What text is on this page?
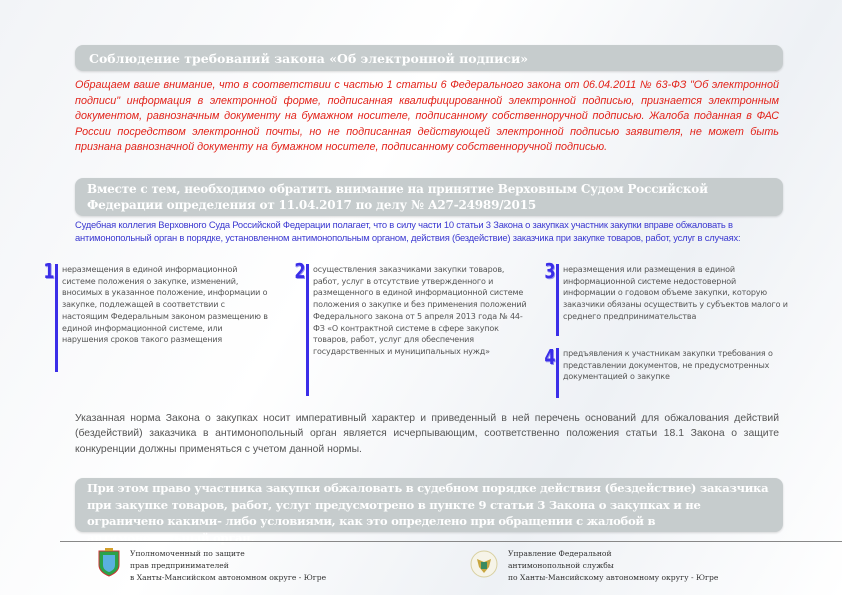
Соблюдение требований закона «Об электронной подписи»
Обращаем ваше внимание, что в соответствии с частью 1 статьи 6 Федерального закона от 06.04.2011 № 63-ФЗ "Об электронной подписи" информация в электронной форме, подписанная квалифицированной электронной подписью, признается электронным документом, равнозначным документу на бумажном носителе, подписанному собственноручной подписью. Жалоба поданная в ФАС России посредством электронной почты, но не подписанная действующей электронной подписью заявителя, не может быть признана равнозначной документу на бумажном носителе, подписанному собственноручной подписью.
Вместе с тем, необходимо обратить внимание на принятие Верховным Судом Российской Федерации определения от 11.04.2017 по делу № А27-24989/2015
Судебная коллегия Верховного Суда Российской Федерации полагает, что в силу части 10 статьи 3 Закона о закупках участник закупки вправе обжаловать в антимонопольный орган в порядке, установленном антимонопольным органом, действия (бездействие) заказчика при закупке товаров, работ, услуг в случаях:
1 неразмещения в единой информационной системе положения о закупке, изменений, вносимых в указанное положение, информации о закупке, подлежащей в соответствии с настоящим Федеральным законом размещению в единой информационной системе, или нарушения сроков такого размещения
2 осуществления заказчиками закупки товаров, работ, услуг в отсутствие утвержденного и размещенного в единой информационной системе положения о закупке и без применения положений Федерального закона от 5 апреля 2013 года № 44-ФЗ «О контрактной системе в сфере закупок товаров, работ, услуг для обеспечения государственных и муниципальных нужд»
3 неразмещения или размещения в единой информационной системе недостоверной информации о годовом объеме закупки, которую заказчики обязаны осуществить у субъектов малого и среднего предпринимательства
4 предъявления к участникам закупки требования о представлении документов, не предусмотренных документацией о закупке
Указанная норма Закона о закупках носит императивный характер и приведенный в ней перечень оснований для обжалования действий (бездействий) заказчика в антимонопольный орган является исчерпывающим, соответственно положения статьи 18.1 Закона о защите конкуренции должны применяться с учетом данной нормы.
При этом право участника закупки обжаловать в судебном порядке действия (бездействие) заказчика при закупке товаров, работ, услуг предусмотрено в пункте 9 статьи 3 Закона о закупках и не ограничено какими- либо условиями, как это определено при обращении с жалобой в антимонопольный орган.
Уполномоченный по защите
прав предпринимателей
в Ханты-Мансийском автономном округе - Югре
Управление Федеральной
антимонопольной службы
по Ханты-Мансийскому автономному округу - Югре
